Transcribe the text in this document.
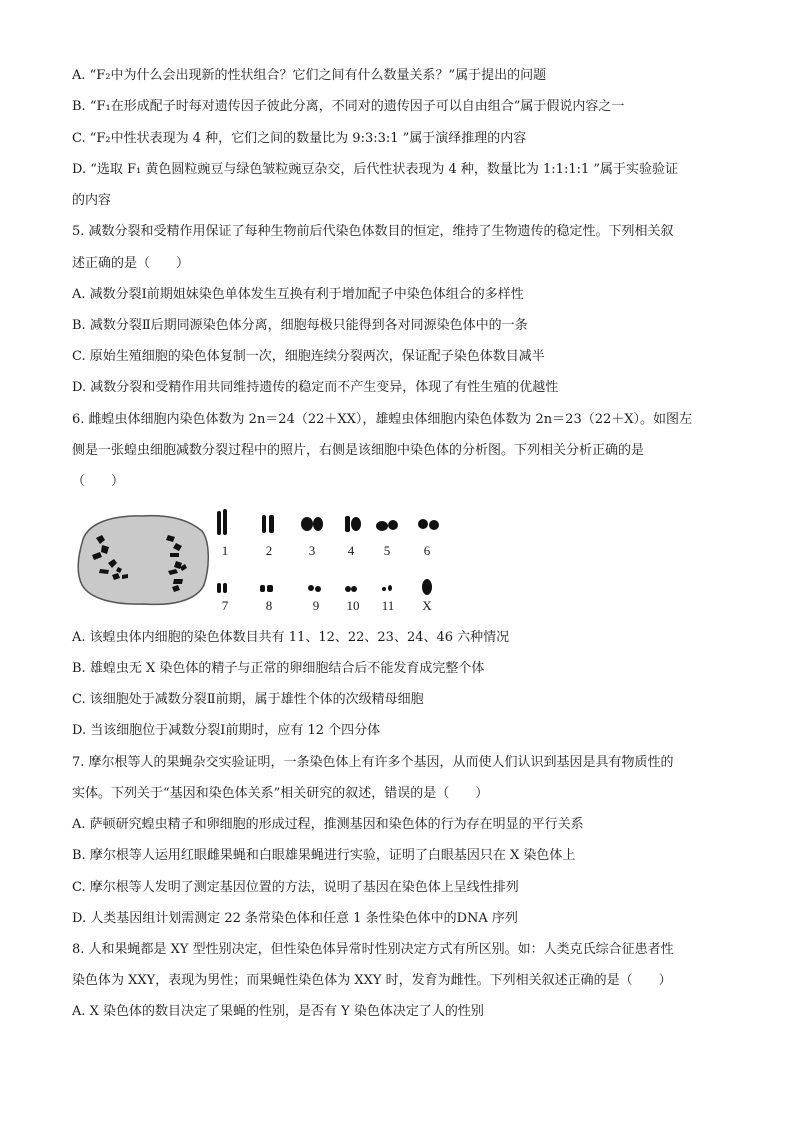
A. “F₂中为什么会出现新的性状组合？它们之间有什么数量关系？”属于提出的问题
B. “F₁在形成配子时每对遗传因子彼此分离，不同对的遗传因子可以自由组合”属于假说内容之一
C. “F₂中性状表现为 4 种，它们之间的数量比为 9:3:3:1 ”属于演绎推理的内容
D. “选取 F₁ 黄色圆粒豌豆与绿色皱粒豌豆杂交，后代性状表现为 4 种，数量比为 1:1:1:1 ”属于实验验证
的内容
5. 减数分裂和受精作用保证了每种生物前后代染色体数目的恒定，维持了生物遗传的稳定性。下列相关叙
述正确的是（　　）
A. 减数分裂Ⅰ前期姐妹染色单体发生互换有利于增加配子中染色体组合的多样性
B. 减数分裂Ⅱ后期同源染色体分离，细胞每极只能得到各对同源染色体中的一条
C. 原始生殖细胞的染色体复制一次，细胞连续分裂两次，保证配子染色体数目减半
D. 减数分裂和受精作用共同维持遗传的稳定而不产生变异，体现了有性生殖的优越性
6. 雌蝗虫体细胞内染色体数为 2n＝24（22＋XX），雄蝗虫体细胞内染色体数为 2n＝23（22＋X）。如图左
侧是一张蝗虫细胞减数分裂过程中的照片，右侧是该细胞中染色体的分析图。下列相关分析正确的是
（　　）
1	2	3	4	5	6
7	8	9	10	11	X
A. 该蝗虫体内细胞的染色体数目共有 11、12、22、23、24、46 六种情况
B. 雄蝗虫无 X 染色体的精子与正常的卵细胞结合后不能发育成完整个体
C. 该细胞处于减数分裂Ⅱ前期，属于雄性个体的次级精母细胞
D. 当该细胞位于减数分裂Ⅰ前期时，应有 12 个四分体
7. 摩尔根等人的果蝇杂交实验证明，一条染色体上有许多个基因，从而使人们认识到基因是具有物质性的
实体。下列关于“基因和染色体关系”相关研究的叙述，错误的是（　　）
A. 萨顿研究蝗虫精子和卵细胞的形成过程，推测基因和染色体的行为存在明显的平行关系
B. 摩尔根等人运用红眼雌果蝇和白眼雄果蝇进行实验，证明了白眼基因只在 X 染色体上
C. 摩尔根等人发明了测定基因位置的方法，说明了基因在染色体上呈线性排列
D. 人类基因组计划需测定 22 条常染色体和任意 1 条性染色体中的DNA 序列
8. 人和果蝇都是 XY 型性别决定，但性染色体异常时性别决定方式有所区别。如：人类克氏综合征患者性
染色体为 XXY，表现为男性；而果蝇性染色体为 XXY 时，发育为雌性。下列相关叙述正确的是（　　）
A. X 染色体的数目决定了果蝇的性别，是否有 Y 染色体决定了人的性别
